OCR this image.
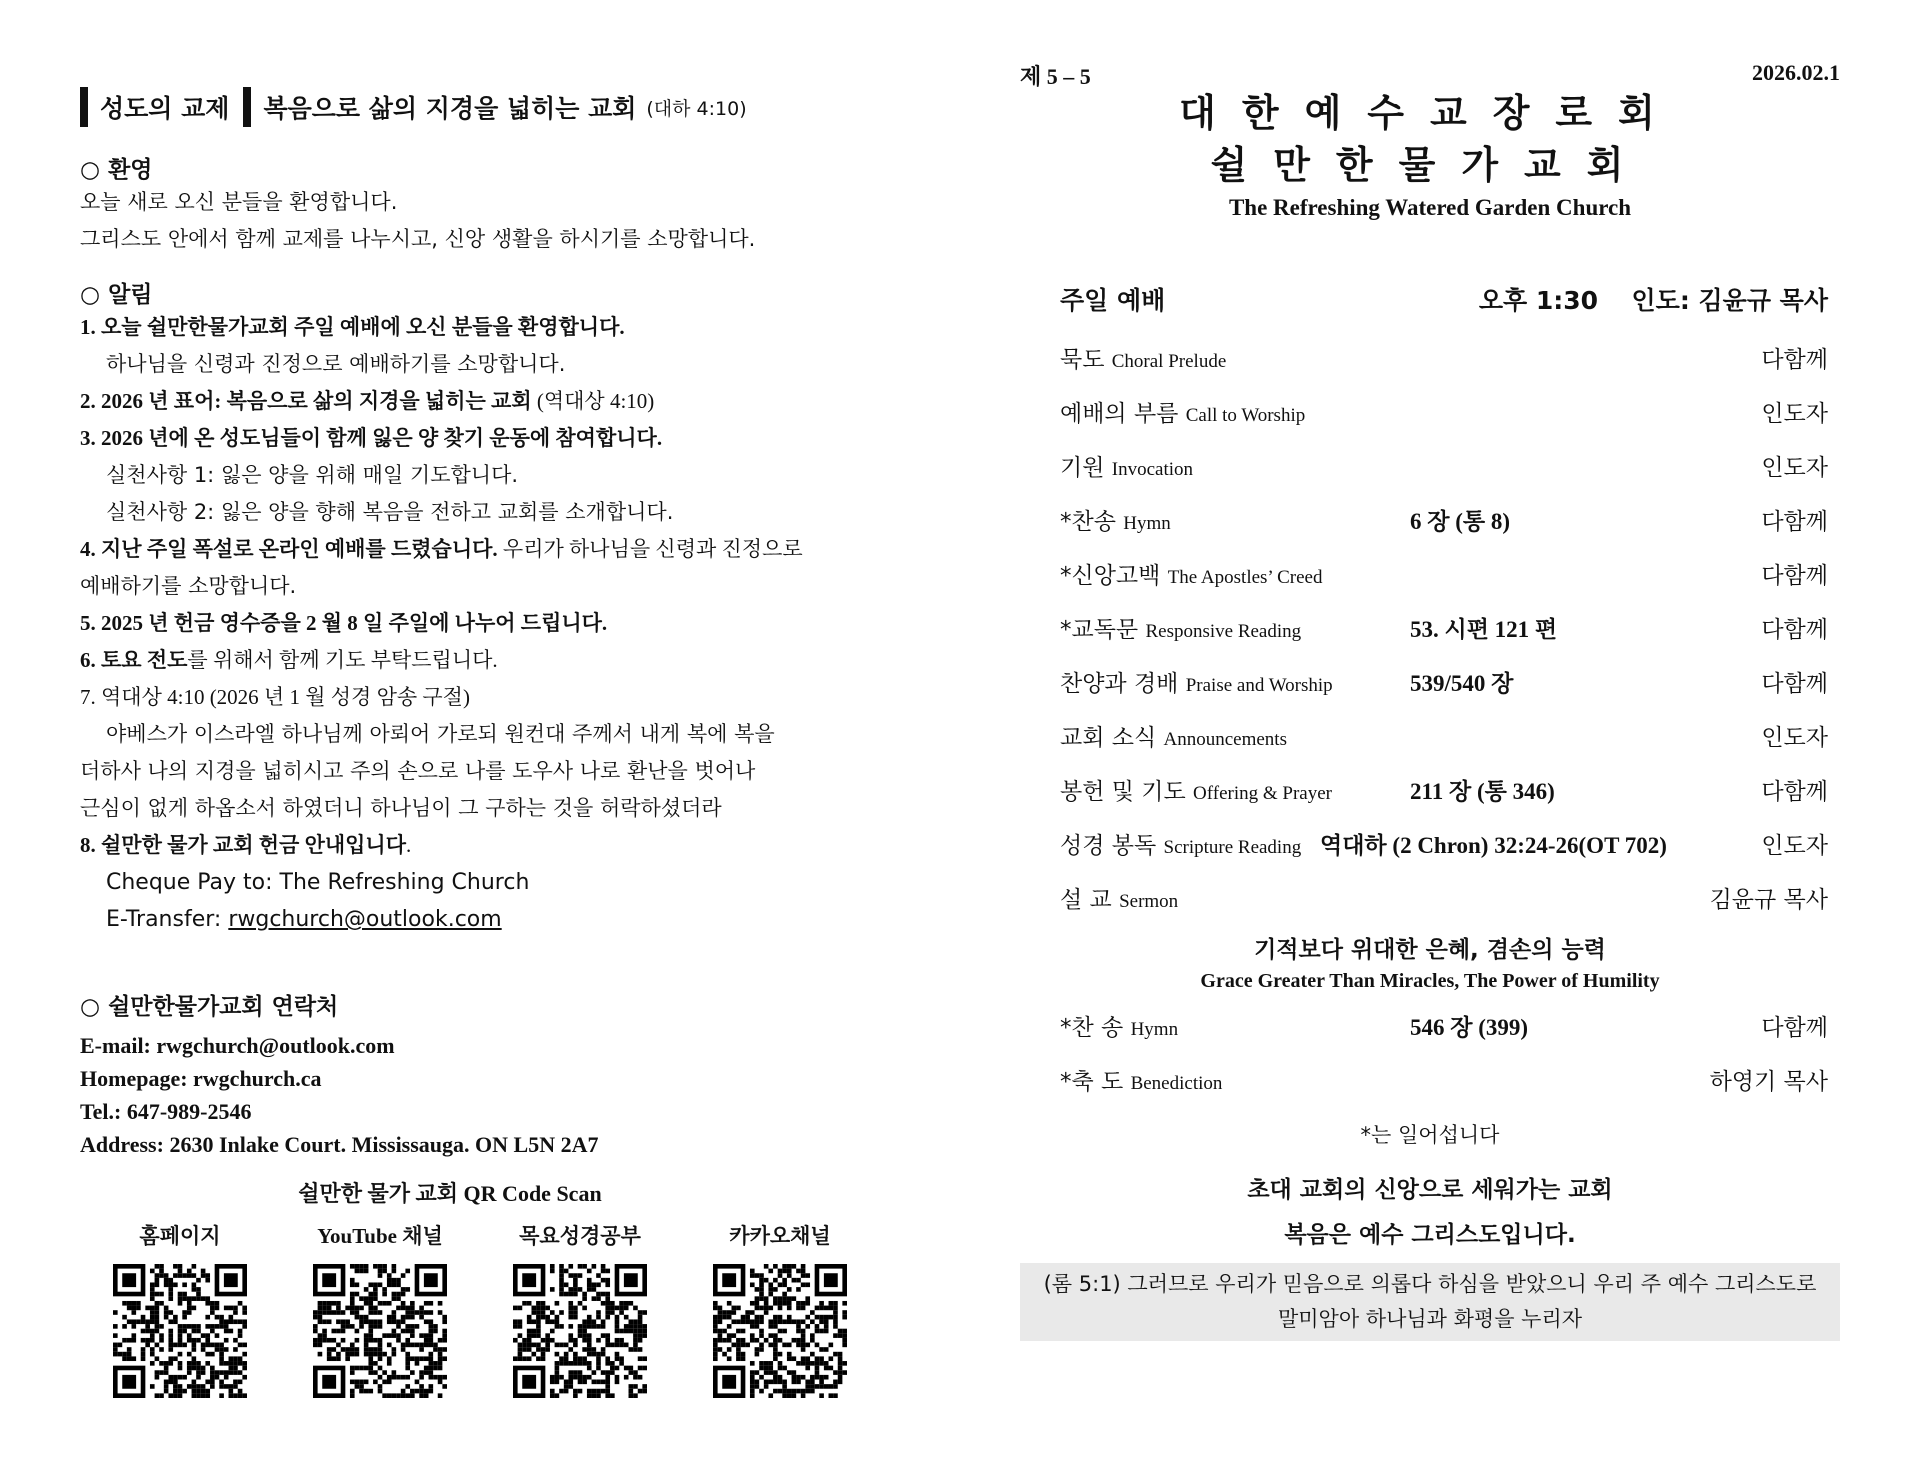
성도의 교제 복음으로 삶의 지경을 넓히는 교회 (대하 4:10)
○ 환영
오늘 새로 오신 분들을 환영합니다.
그리스도 안에서 함께 교제를 나누시고, 신앙 생활을 하시기를 소망합니다.
○ 알림
1. 오늘 쉴만한물가교회 주일 예배에 오신 분들을 환영합니다.
하나님을 신령과 진정으로 예배하기를 소망합니다.
2. 2026 년 표어: 복음으로 삶의 지경을 넓히는 교회 (역대상 4:10)
3. 2026 년에 온 성도님들이 함께 잃은 양 찾기 운동에 참여합니다.
실천사항 1: 잃은 양을 위해 매일 기도합니다.
실천사항 2: 잃은 양을 향해 복음을 전하고 교회를 소개합니다.
4. 지난 주일 폭설로 온라인 예배를 드렸습니다. 우리가 하나님을 신령과 진정으로
예배하기를 소망합니다.
5. 2025 년 헌금 영수증을 2 월 8 일 주일에 나누어 드립니다.
6. 토요 전도를 위해서 함께 기도 부탁드립니다.
7. 역대상 4:10 (2026 년 1 월 성경 암송 구절)
야베스가 이스라엘 하나님께 아뢰어 가로되 원컨대 주께서 내게 복에 복을
더하사 나의 지경을 넓히시고 주의 손으로 나를 도우사 나로 환난을 벗어나
근심이 없게 하옵소서 하였더니 하나님이 그 구하는 것을 허락하셨더라
8. 쉴만한 물가 교회 헌금 안내입니다.
Cheque Pay to: The Refreshing Church
E-Transfer: rwgchurch@outlook.com
○ 쉴만한물가교회 연락처
E-mail: rwgchurch@outlook.com
Homepage: rwgchurch.ca
Tel.: 647-989-2546
Address: 2630 Inlake Court. Mississauga. ON L5N 2A7
쉴만한 물가 교회 QR Code Scan
홈페이지	YouTube 채널	목요성경공부	카카오채널
제 5 – 5	2026.02.1
대한예수교장로회
쉴만한물가교회
The Refreshing Watered Garden Church
주일 예배	오후 1:30 인도: 김윤규 목사
묵도 Choral Prelude	다함께
예배의 부름 Call to Worship	인도자
기원 Invocation	인도자
*찬송 Hymn	6 장 (통 8)	다함께
*신앙고백 The Apostles’ Creed	다함께
*교독문 Responsive Reading	53. 시편 121 편	다함께
찬양과 경배 Praise and Worship	539/540 장	다함께
교회 소식 Announcements	인도자
봉헌 및 기도 Offering & Prayer	211 장 (통 346)	다함께
성경 봉독 Scripture Reading 역대하 (2 Chron) 32:24-26(OT 702)	인도자
설 교 Sermon	김윤규 목사
기적보다 위대한 은혜, 겸손의 능력
Grace Greater Than Miracles, The Power of Humility
*찬 송 Hymn	546 장 (399)	다함께
*축 도 Benediction	하영기 목사
*는 일어섭니다
초대 교회의 신앙으로 세워가는 교회
복음은 예수 그리스도입니다.
(롬 5:1) 그러므로 우리가 믿음으로 의롭다 하심을 받았으니 우리 주 예수 그리스도로
말미암아 하나님과 화평을 누리자
